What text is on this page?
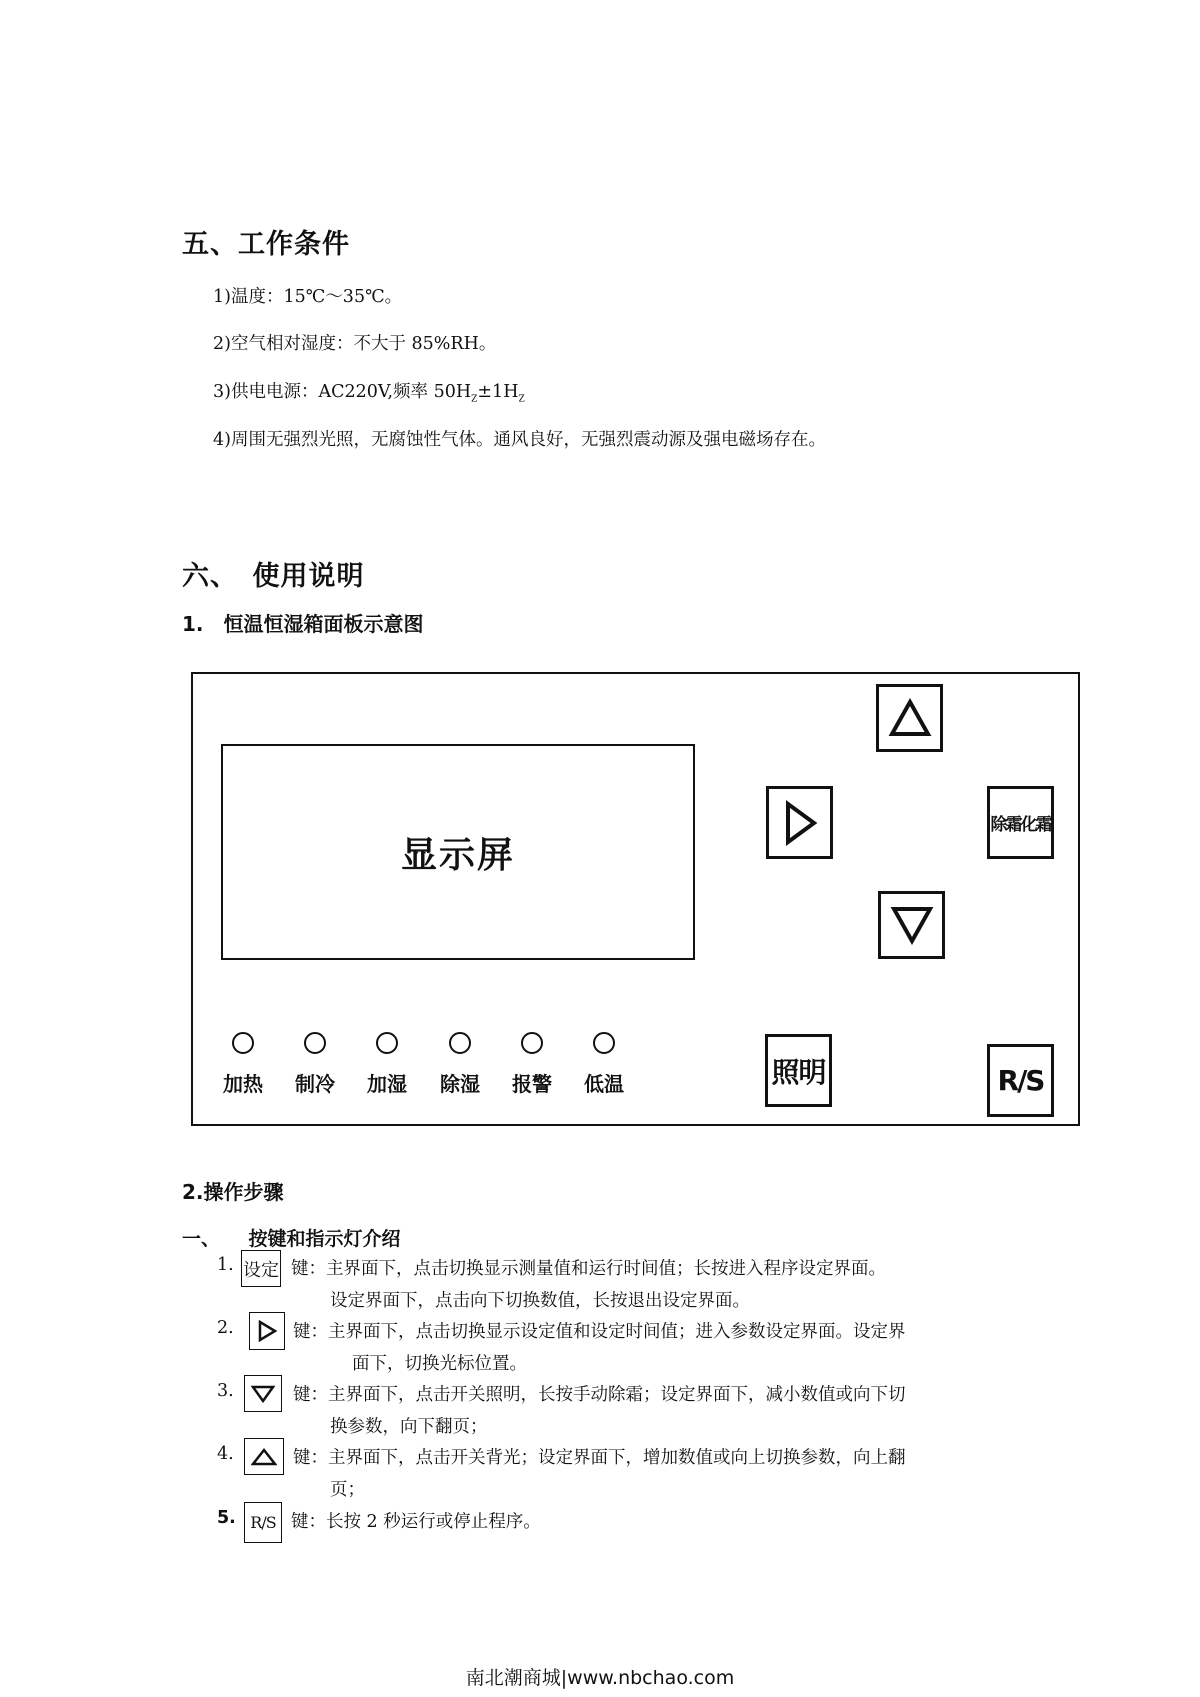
五、工作条件
1)温度：15℃～35℃。
2)空气相对湿度：不大于 85%RH。
3)供电电源：AC220V,频率 $50H_Z\pm 1H_Z$
4)周围无强烈光照，无腐蚀性气体。通风良好，无强烈震动源及强电磁场存在。
六、　使用说明
1.　恒温恒湿箱面板示意图
显示屏
除霜化霜
照明	R/S
加热	制冷	加湿	除湿	报警	低温
2.操作步骤
一、　　按键和指示灯介绍
1. 设定 键：主界面下，点击切换显示测量值和运行时间值；长按进入程序设定界面。
设定界面下，点击向下切换数值，长按退出设定界面。
2.	键：主界面下，点击切换显示设定值和设定时间值；进入参数设定界面。设定界
面下，切换光标位置。
3.	键：主界面下，点击开关照明，长按手动除霜；设定界面下，减小数值或向下切
换参数，向下翻页；
4.	键：主界面下，点击开关背光；设定界面下，增加数值或向上切换参数，向上翻
页；
5. R/S 键：长按 2 秒运行或停止程序。
南北潮商城|www.nbchao.com
